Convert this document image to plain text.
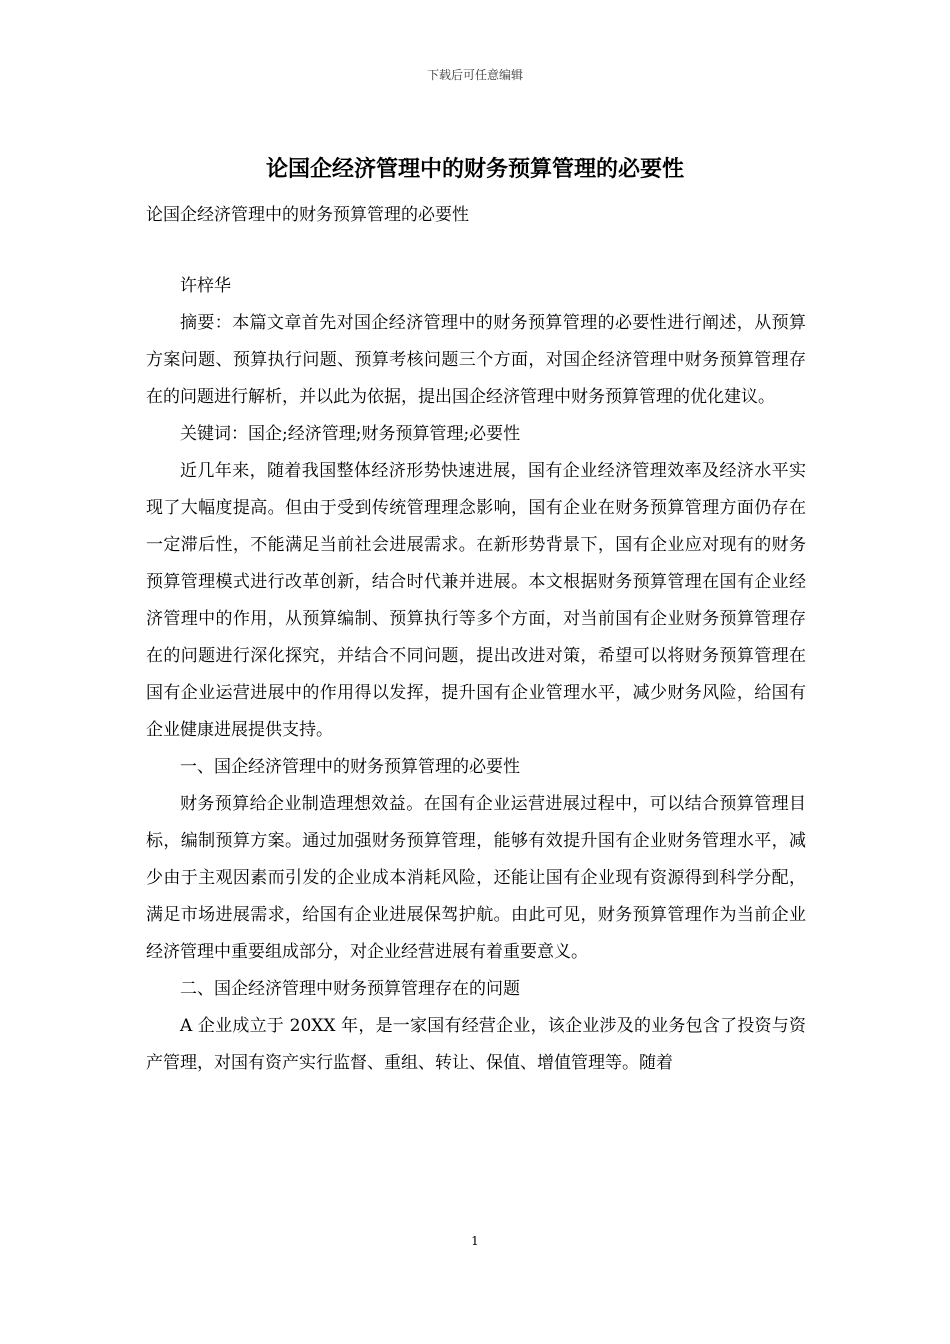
下载后可任意编辑
论国企经济管理中的财务预算管理的必要性
论国企经济管理中的财务预算管理的必要性

许梓华

摘要：本篇文章首先对国企经济管理中的财务预算管理的必要性进行阐述，从预算方案问题、预算执行问题、预算考核问题三个方面，对国企经济管理中财务预算管理存在的问题进行解析，并以此为依据，提出国企经济管理中财务预算管理的优化建议。

关键词：国企;经济管理;财务预算管理;必要性

近几年来，随着我国整体经济形势快速进展，国有企业经济管理效率及经济水平实现了大幅度提高。但由于受到传统管理理念影响，国有企业在财务预算管理方面仍存在一定滞后性，不能满足当前社会进展需求。在新形势背景下，国有企业应对现有的财务预算管理模式进行改革创新，结合时代兼并进展。本文根据财务预算管理在国有企业经济管理中的作用，从预算编制、预算执行等多个方面，对当前国有企业财务预算管理存在的问题进行深化探究，并结合不同问题，提出改进对策，希望可以将财务预算管理在国有企业运营进展中的作用得以发挥，提升国有企业管理水平，减少财务风险，给国有企业健康进展提供支持。

一、国企经济管理中的财务预算管理的必要性

财务预算给企业制造理想效益。在国有企业运营进展过程中，可以结合预算管理目标，编制预算方案。通过加强财务预算管理，能够有效提升国有企业财务管理水平，减少由于主观因素而引发的企业成本消耗风险，还能让国有企业现有资源得到科学分配，满足市场进展需求，给国有企业进展保驾护航。由此可见，财务预算管理作为当前企业经济管理中重要组成部分，对企业经营进展有着重要意义。

二、国企经济管理中财务预算管理存在的问题

A 企业成立于 20XX 年，是一家国有经营企业，该企业涉及的业务包含了投资与资产管理，对国有资产实行监督、重组、转让、保值、增值管理等。随着

1
